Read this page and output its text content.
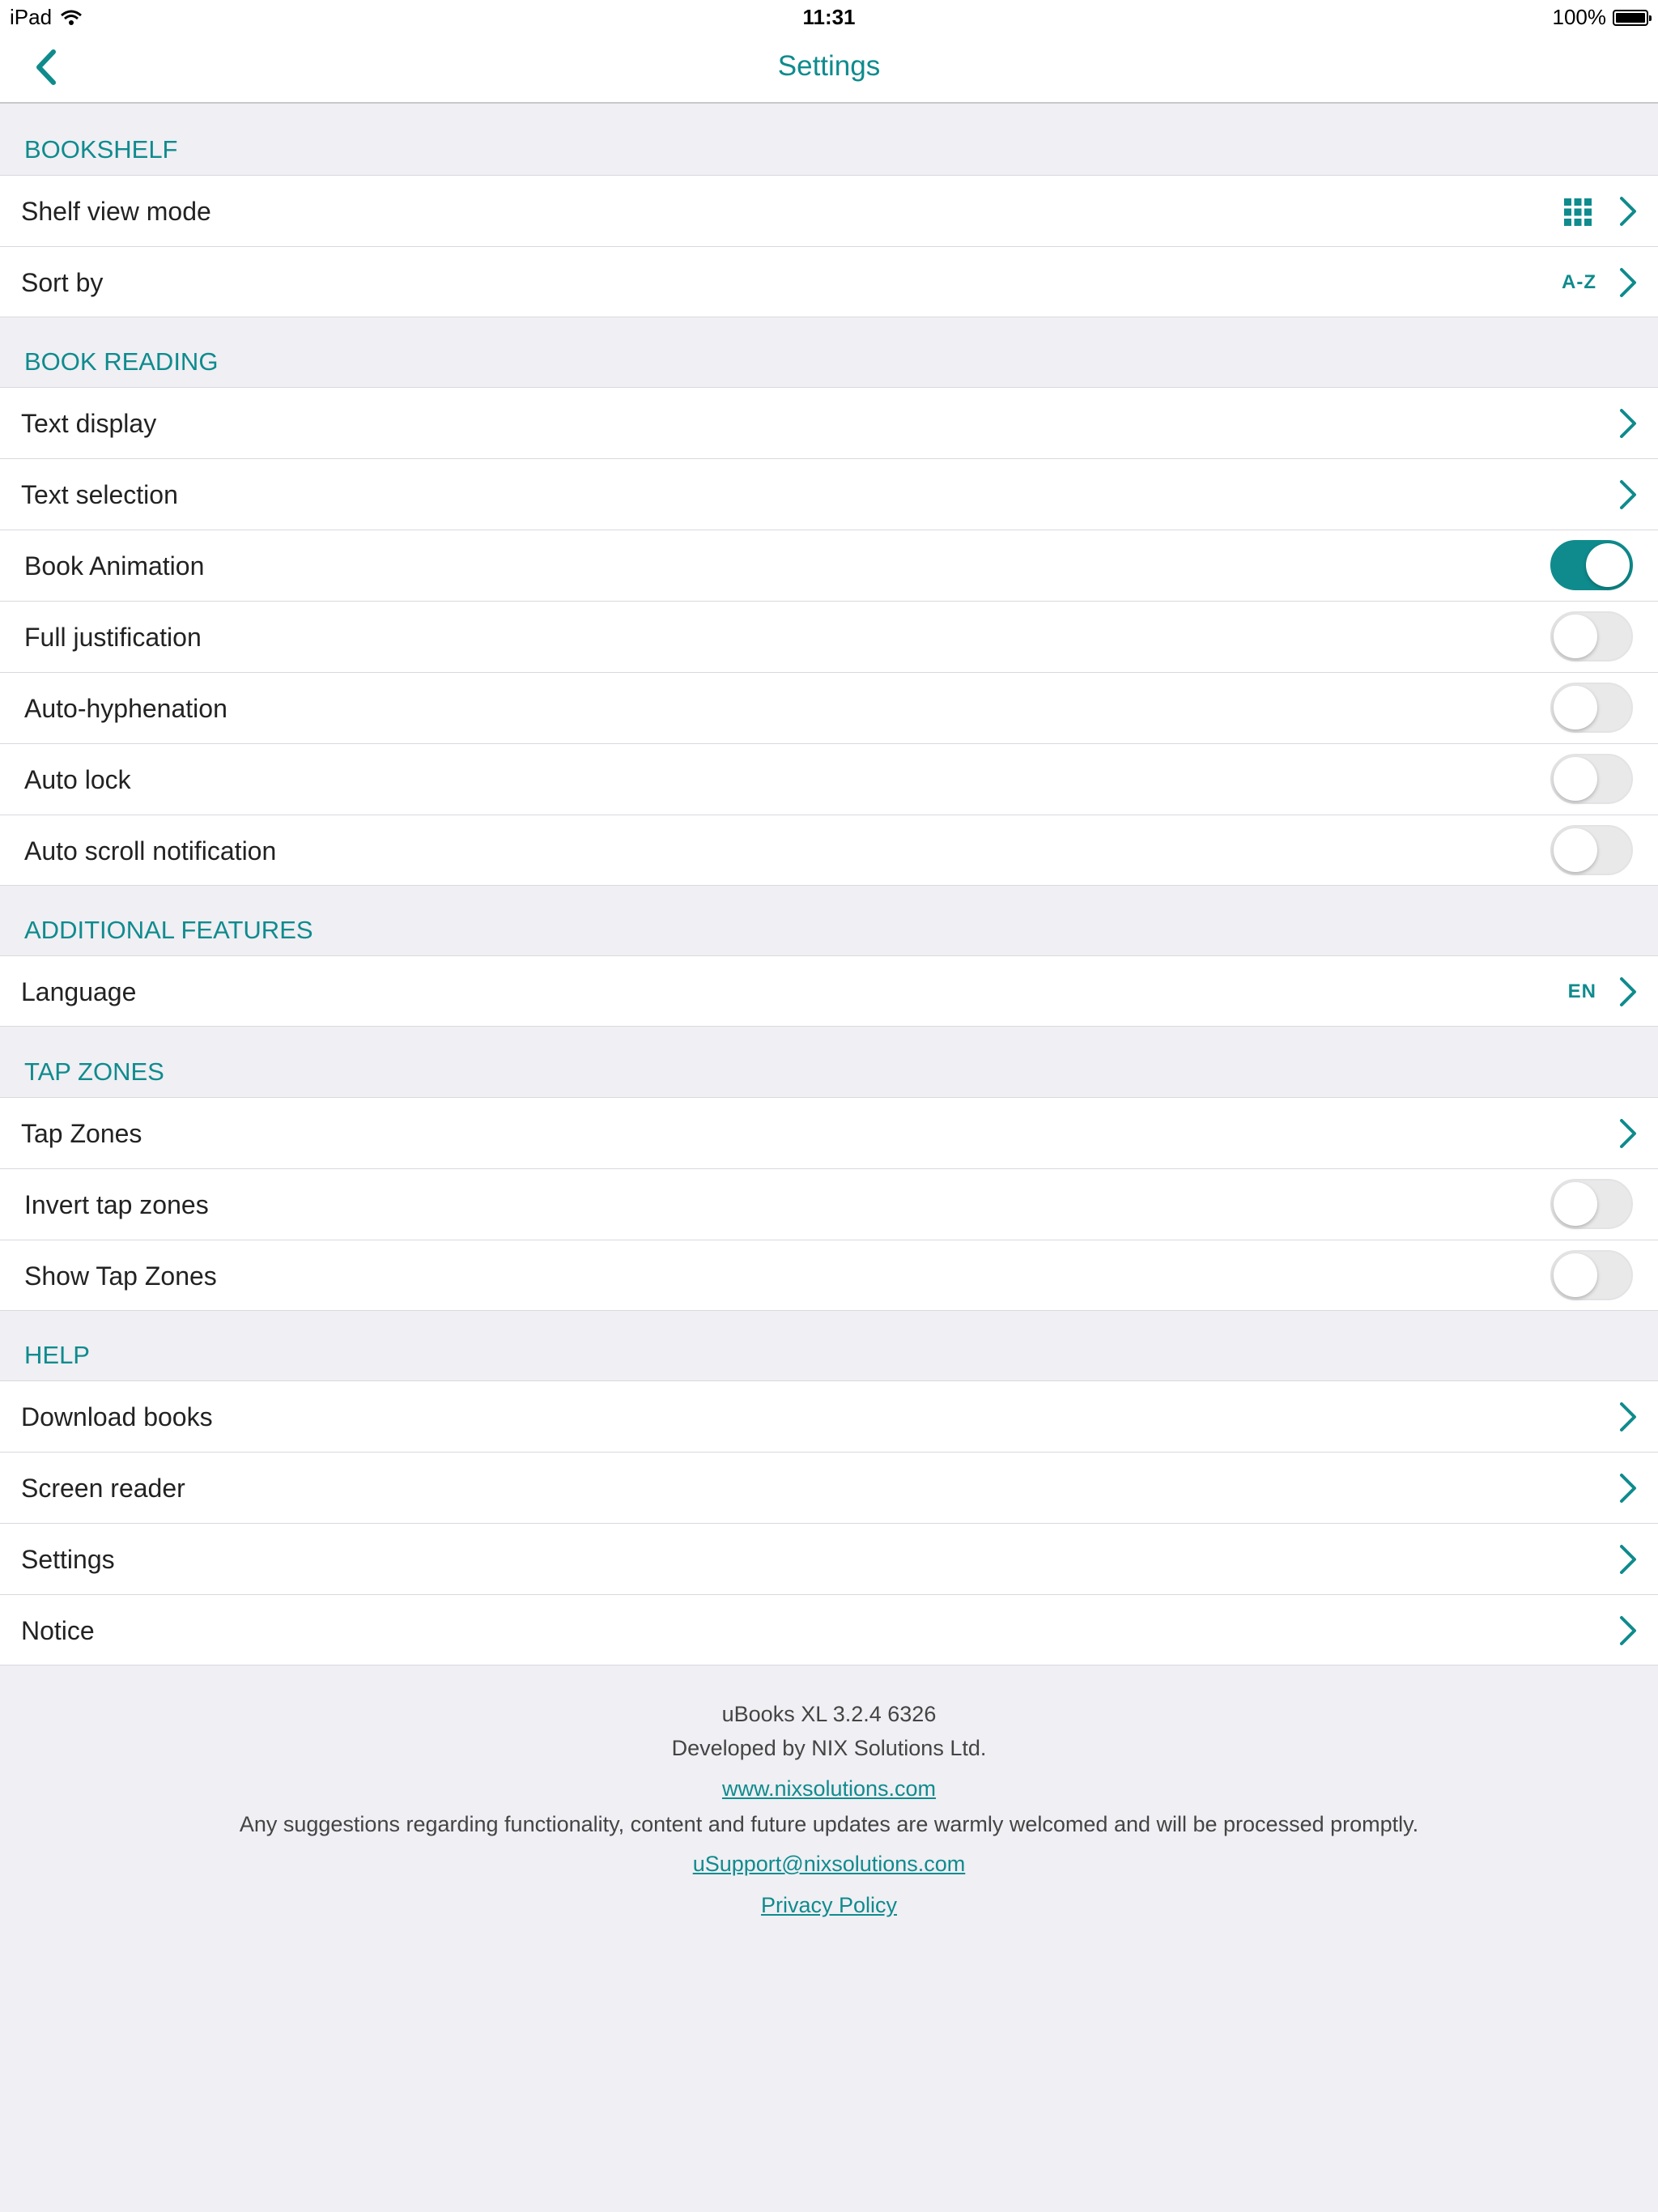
iPad	11:31	100%
Settings
BOOKSHELF
Shelf view mode
Sort by	A-Z
BOOK READING
Text display
Text selection
Book Animation
Full justification
Auto-hyphenation
Auto lock
Auto scroll notification
ADDITIONAL FEATURES
Language	EN
TAP ZONES
Tap Zones
Invert tap zones
Show Tap Zones
HELP
Download books
Screen reader
Settings
Notice
uBooks XL 3.2.4 6326
Developed by NIX Solutions Ltd.
www.nixsolutions.com
Any suggestions regarding functionality, content and future updates are warmly welcomed and will be processed promptly.
uSupport@nixsolutions.com
Privacy Policy
